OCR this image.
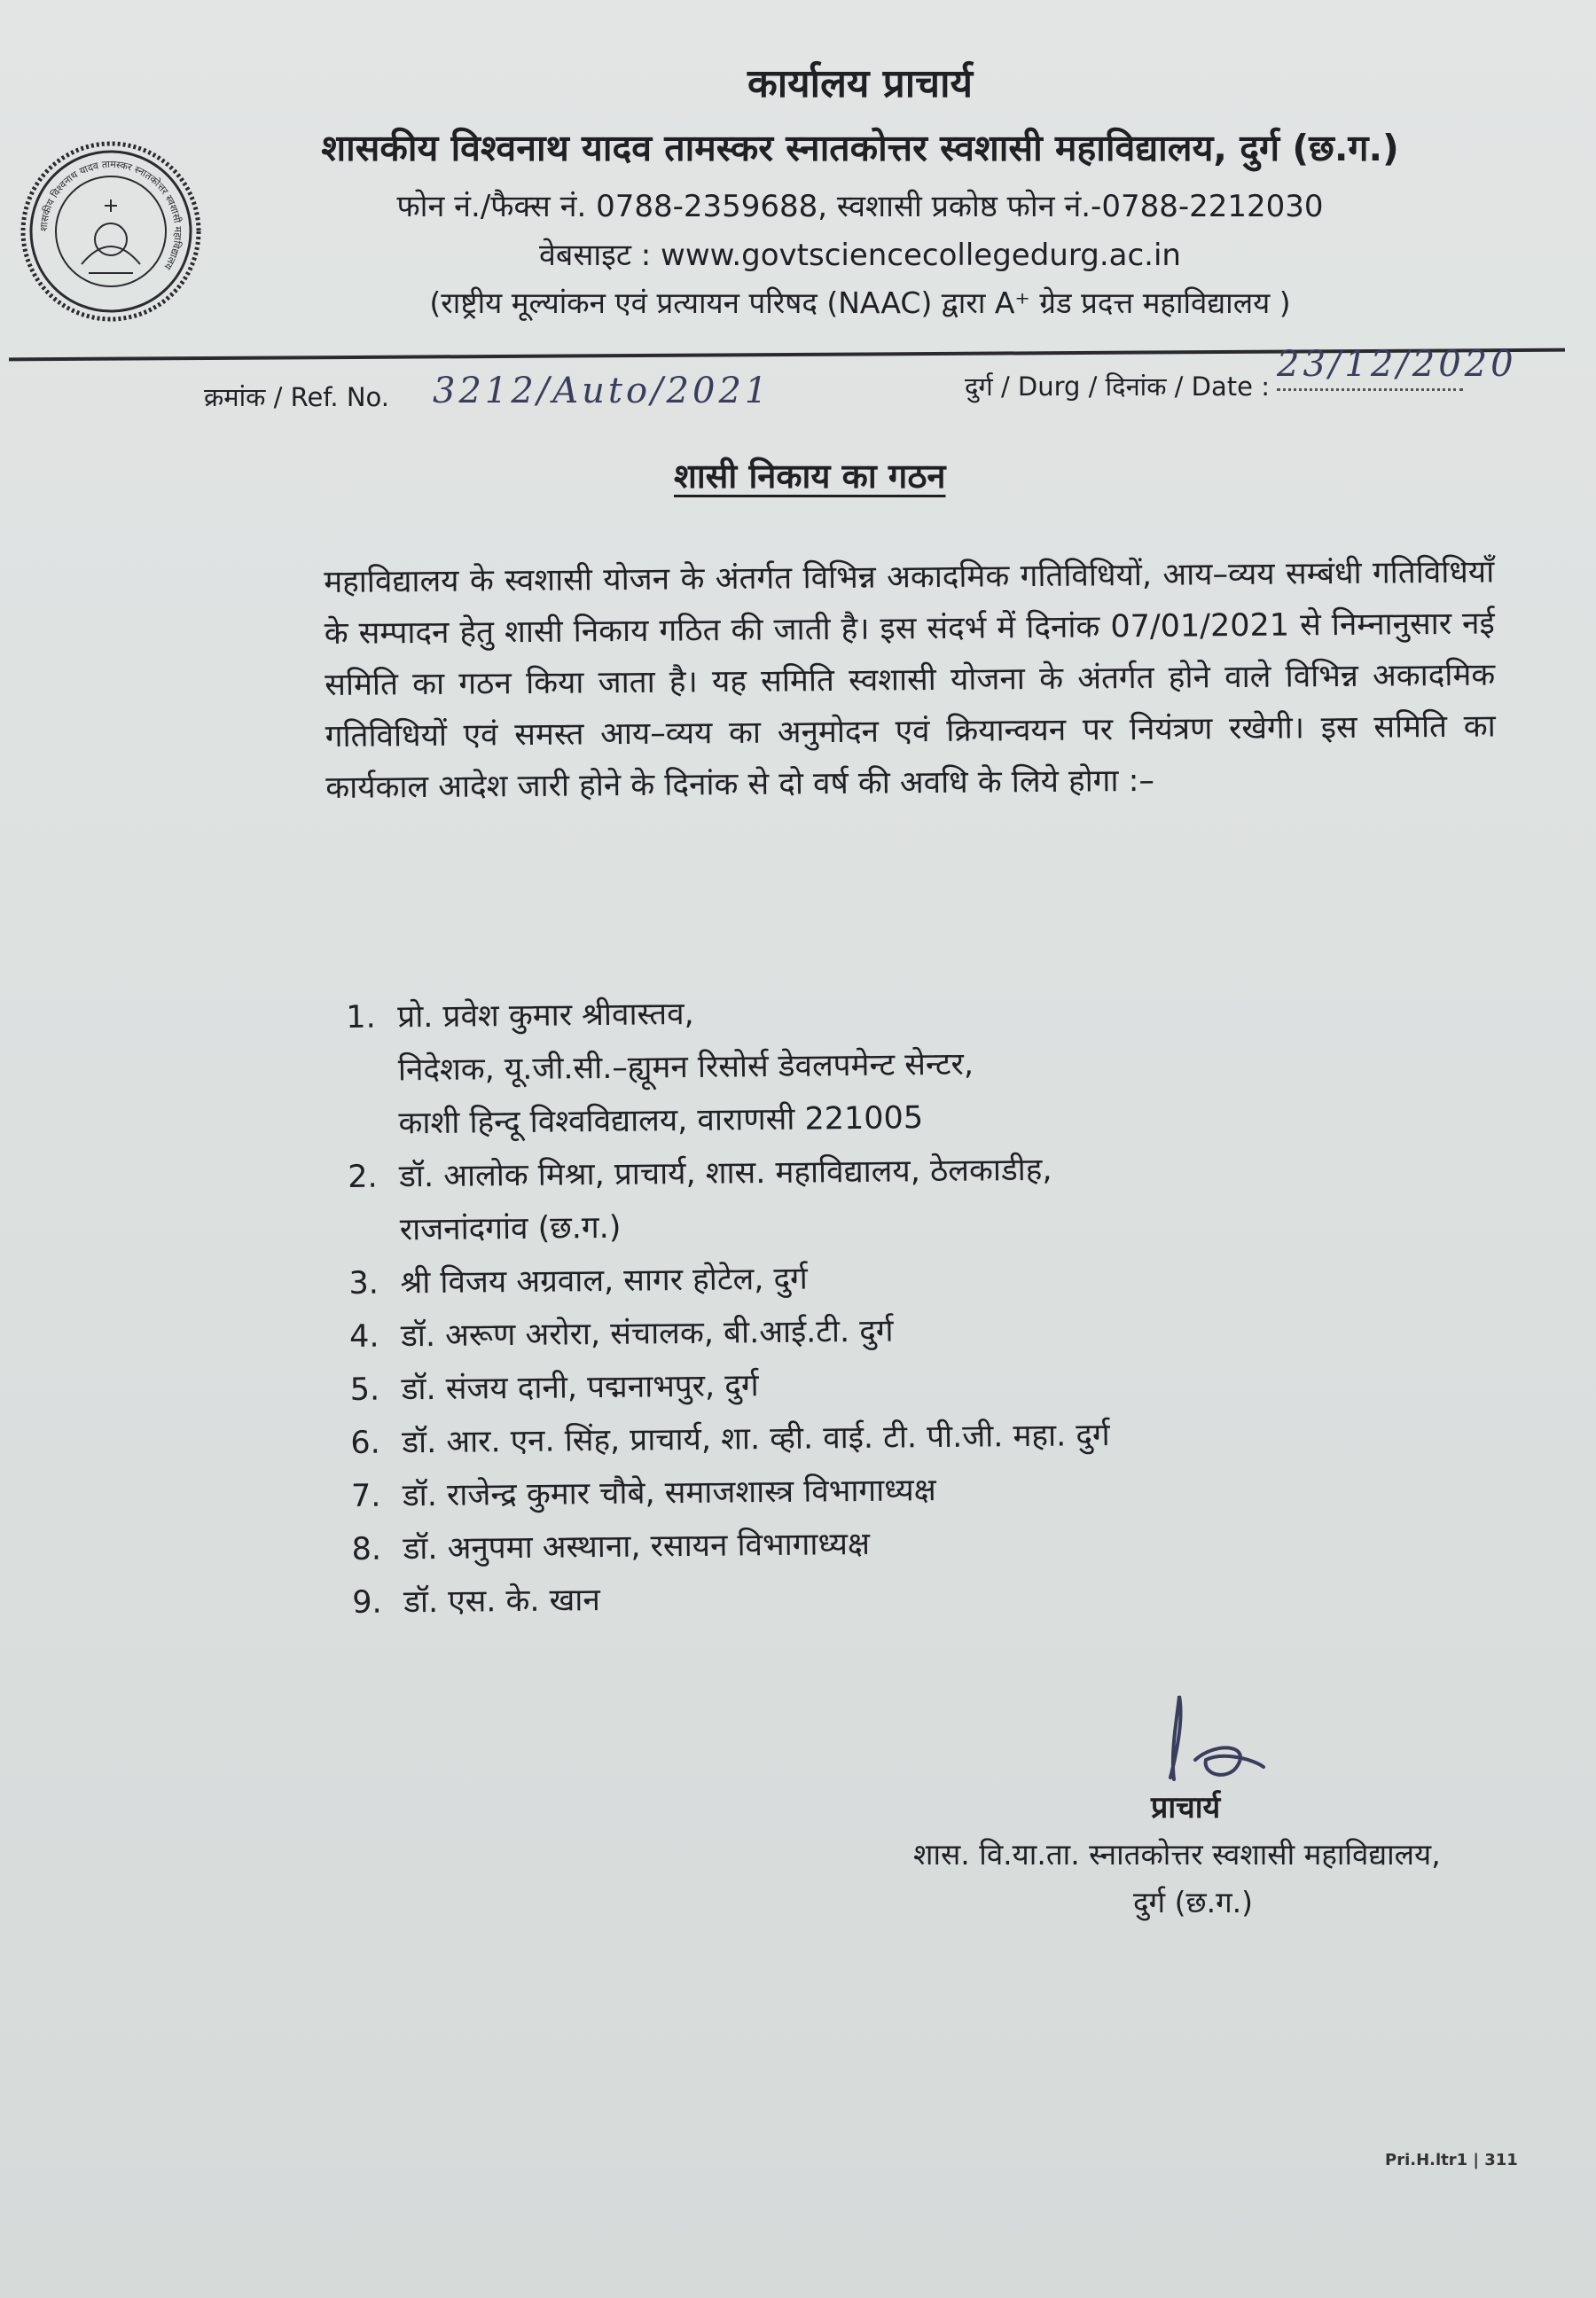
शासकीय विश्वनाथ यादव तामस्कर स्नातकोत्तर स्वशासी महाविद्यालय
कार्यालय प्राचार्य
शासकीय विश्वनाथ यादव तामस्कर स्नातकोत्तर स्वशासी महाविद्यालय, दुर्ग (छ.ग.)
फोन नं./फैक्स नं. 0788-2359688, स्वशासी प्रकोष्ठ फोन नं.-0788-2212030
वेबसाइट : www.govtsciencecollegedurg.ac.in
(राष्ट्रीय मूल्यांकन एवं प्रत्यायन परिषद (NAAC) द्वारा A⁺ ग्रेड प्रदत्त महाविद्यालय )
क्रमांक / Ref. No. 3212/Auto/2021	दुर्ग / Durg / दिनांक / Date :
23/12/2020
शासी निकाय का गठन
महाविद्यालय के स्वशासी योजन के अंतर्गत विभिन्न अकादमिक गतिविधियों, आय–व्यय सम्बंधी गतिविधियाँ के सम्पादन हेतु शासी निकाय गठित की जाती है। इस संदर्भ में दिनांक 07/01/2021 से निम्नानुसार नई समिति का गठन किया जाता है। यह समिति स्वशासी योजना के अंतर्गत होने वाले विभिन्न अकादमिक गतिविधियों एवं समस्त आय–व्यय का अनुमोदन एवं क्रियान्वयन पर नियंत्रण रखेगी। इस समिति का कार्यकाल आदेश जारी होने के दिनांक से दो वर्ष की अवधि के लिये होगा :–
1. प्रो. प्रवेश कुमार श्रीवास्तव,
निदेशक, यू.जी.सी.–ह्यूमन रिसोर्स डेवलपमेन्ट सेन्टर,
काशी हिन्दू विश्वविद्यालय, वाराणसी 221005
2. डॉ. आलोक मिश्रा, प्राचार्य, शास. महाविद्यालय, ठेलकाडीह,
राजनांदगांव (छ.ग.)
3. श्री विजय अग्रवाल, सागर होटेल, दुर्ग
4. डॉ. अरूण अरोरा, संचालक, बी.आई.टी. दुर्ग
5. डॉ. संजय दानी, पद्मनाभपुर, दुर्ग
6. डॉ. आर. एन. सिंह, प्राचार्य, शा. व्ही. वाई. टी. पी.जी. महा. दुर्ग
7. डॉ. राजेन्द्र कुमार चौबे, समाजशास्त्र विभागाध्यक्ष
8. डॉ. अनुपमा अस्थाना, रसायन विभागाध्यक्ष
9. डॉ. एस. के. खान
प्राचार्य
शास. वि.या.ता. स्नातकोत्तर स्वशासी महाविद्यालय,
दुर्ग (छ.ग.)
Pri.H.ltr1 | 311
